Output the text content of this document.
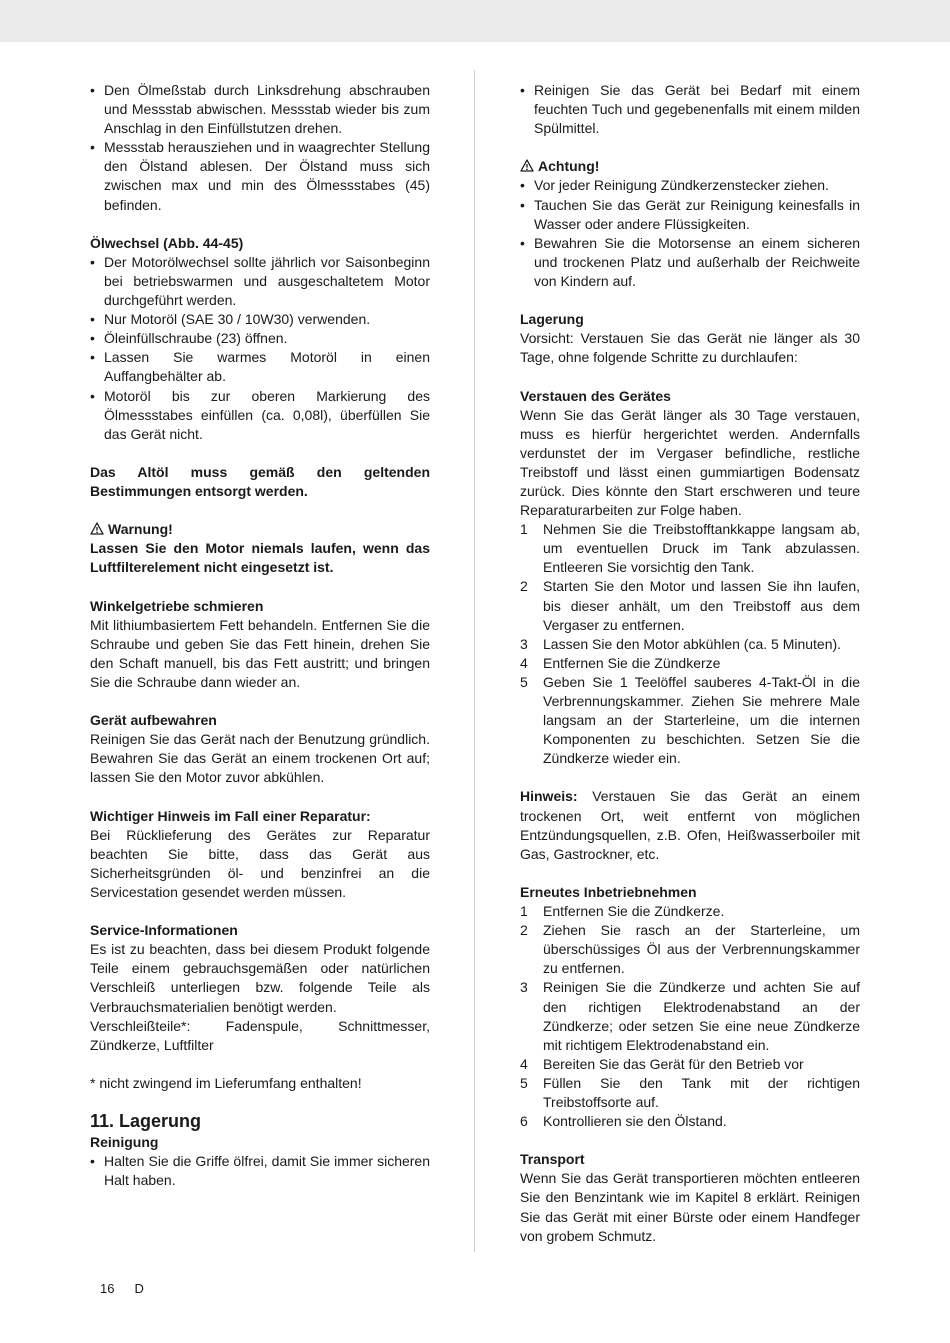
• Den Ölmeßstab durch Linksdrehung abschrauben und Messstab abwischen. Messstab wieder bis zum Anschlag in den Einfüllstutzen drehen.
• Messstab herausziehen und in waagrechter Stellung den Ölstand ablesen. Der Ölstand muss sich zwischen max und min des Ölmessstabes (45) befinden.

Ölwechsel (Abb. 44-45)

• Der Motorölwechsel sollte jährlich vor Saisonbeginn bei betriebswarmen und ausgeschaltetem Motor durchgeführt werden.
• Nur Motoröl (SAE 30 / 10W30) verwenden.
• Öleinfüllschraube (23) öffnen.
• Lassen Sie warmes Motoröl in einen Auffangbehälter ab.
• Motoröl bis zur oberen Markierung des Ölmessstabes einfüllen (ca. 0,08l), überfüllen Sie das Gerät nicht.

Das Altöl muss gemäß den geltenden Bestimmungen entsorgt werden.

Warnung!

Lassen Sie den Motor niemals laufen, wenn das Luftfilterelement nicht eingesetzt ist.

Winkelgetriebe schmieren

Mit lithiumbasiertem Fett behandeln. Entfernen Sie die Schraube und geben Sie das Fett hinein, drehen Sie den Schaft manuell, bis das Fett austritt; und bringen Sie die Schraube dann wieder an.

Gerät aufbewahren

Reinigen Sie das Gerät nach der Benutzung gründlich. Bewahren Sie das Gerät an einem trockenen Ort auf; lassen Sie den Motor zuvor abkühlen.

Wichtiger Hinweis im Fall einer Reparatur:

Bei Rücklieferung des Gerätes zur Reparatur beachten Sie bitte, dass das Gerät aus Sicherheitsgründen öl- und benzinfrei an die Servicestation gesendet werden müssen.

Service-Informationen

Es ist zu beachten, dass bei diesem Produkt folgende Teile einem gebrauchsgemäßen oder natürlichen Verschleiß unterliegen bzw. folgende Teile als Verbrauchsmaterialien benötigt werden.

Verschleißteile*: Fadenspule, Schnittmesser, Zündkerze, Luftfilter

* nicht zwingend im Lieferumfang enthalten!

11. Lagerung

Reinigung

• Halten Sie die Griffe ölfrei, damit Sie immer sicheren Halt haben.
• Reinigen Sie das Gerät bei Bedarf mit einem feuchten Tuch und gegebenenfalls mit einem milden Spülmittel.

Achtung!

• Vor jeder Reinigung Zündkerzenstecker ziehen.
• Tauchen Sie das Gerät zur Reinigung keinesfalls in Wasser oder andere Flüssigkeiten.
• Bewahren Sie die Motorsense an einem sicheren und trockenen Platz und außerhalb der Reichweite von Kindern auf.

Lagerung

Vorsicht: Verstauen Sie das Gerät nie länger als 30 Tage, ohne folgende Schritte zu durchlaufen:

Verstauen des Gerätes

Wenn Sie das Gerät länger als 30 Tage verstauen, muss es hierfür hergerichtet werden. Andernfalls verdunstet der im Vergaser befindliche, restliche Treibstoff und lässt einen gummiartigen Bodensatz zurück. Dies könnte den Start erschweren und teure Reparaturarbeiten zur Folge haben.

1 Nehmen Sie die Treibstofftankkappe langsam ab, um eventuellen Druck im Tank abzulassen. Entleeren Sie vorsichtig den Tank.
2 Starten Sie den Motor und lassen Sie ihn laufen, bis dieser anhält, um den Treibstoff aus dem Vergaser zu entfernen.
3 Lassen Sie den Motor abkühlen (ca. 5 Minuten).
4 Entfernen Sie die Zündkerze
5 Geben Sie 1 Teelöffel sauberes 4-Takt-Öl in die Verbrennungskammer. Ziehen Sie mehrere Male langsam an der Starterleine, um die internen Komponenten zu beschichten. Setzen Sie die Zündkerze wieder ein.

Hinweis: Verstauen Sie das Gerät an einem trockenen Ort, weit entfernt von möglichen Entzündungsquellen, z.B. Ofen, Heißwasserboiler mit Gas, Gastrockner, etc.

Erneutes Inbetriebnehmen

1 Entfernen Sie die Zündkerze.
2 Ziehen Sie rasch an der Starterleine, um überschüssiges Öl aus der Verbrennungskammer zu entfernen.
3 Reinigen Sie die Zündkerze und achten Sie auf den richtigen Elektrodenabstand an der Zündkerze; oder setzen Sie eine neue Zündkerze mit richtigem Elektrodenabstand ein.
4 Bereiten Sie das Gerät für den Betrieb vor
5 Füllen Sie den Tank mit der richtigen Treibstoffsorte auf.
6 Kontrollieren sie den Ölstand.

Transport

Wenn Sie das Gerät transportieren möchten entleeren Sie den Benzintank wie im Kapitel 8 erklärt. Reinigen Sie das Gerät mit einer Bürste oder einem Handfeger von grobem Schmutz.

16 D
